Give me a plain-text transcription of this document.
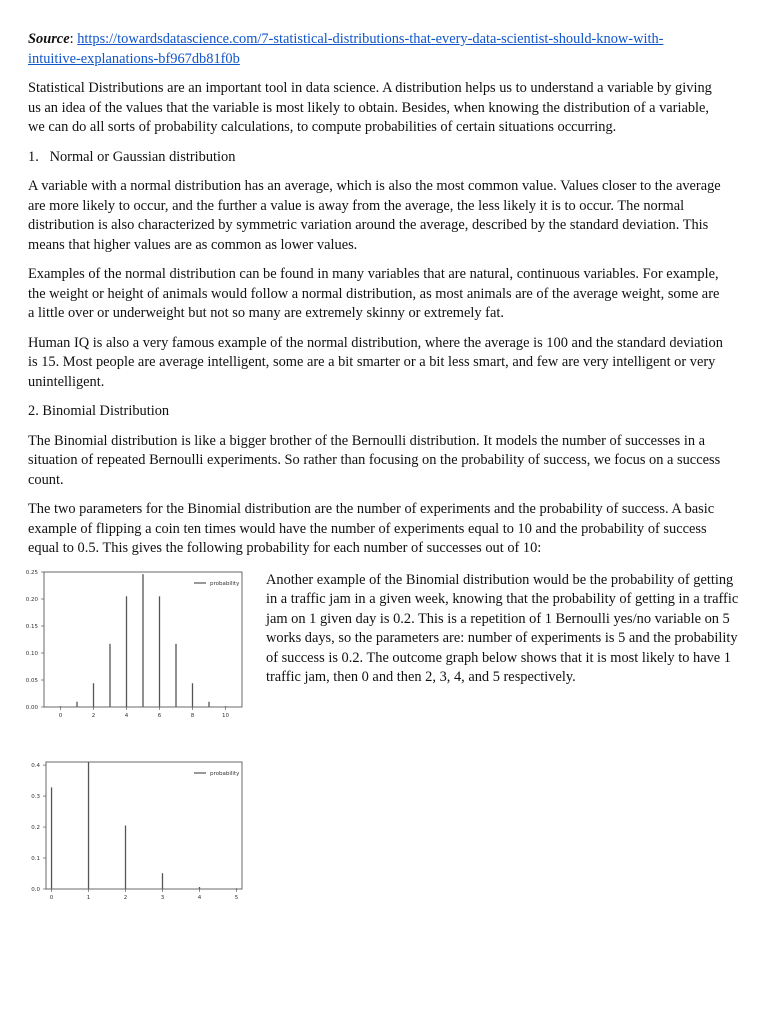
Source: https://towardsdatascience.com/7-statistical-distributions-that-every-data-scientist-should-know-with-
intuitive-explanations-bf967db81f0b

Statistical Distributions are an important tool in data science. A distribution helps us to understand a variable by giving us an idea of the values that the variable is most likely to obtain. Besides, when knowing the distribution of a variable, we can do all sorts of probability calculations, to compute probabilities of certain situations occurring.

1. Normal or Gaussian distribution

A variable with a normal distribution has an average, which is also the most common value. Values closer to the average are more likely to occur, and the further a value is away from the average, the less likely it is to occur. The normal distribution is also characterized by symmetric variation around the average, described by the standard deviation. This means that higher values are as common as lower values.

Examples of the normal distribution can be found in many variables that are natural, continuous variables. For example, the weight or height of animals would follow a normal distribution, as most animals are of the average weight, some are a little over or underweight but not so many are extremely skinny or extremely fat.

Human IQ is also a very famous example of the normal distribution, where the average is 100 and the standard deviation is 15. Most people are average intelligent, some are a bit smarter or a bit less smart, and few are very intelligent or very unintelligent.

2. Binomial Distribution

The Binomial distribution is like a bigger brother of the Bernoulli distribution. It models the number of successes in a situation of repeated Bernoulli experiments. So rather than focusing on the probability of success, we focus on a success count.

The two parameters for the Binomial distribution are the number of experiments and the probability of success. A basic example of flipping a coin ten times would have the number of experiments equal to 10 and the probability of success equal to 0.5. This gives the following probability for each number of successes out of 10:

Another example of the Binomial distribution would be the probability of getting in a traffic jam in a given week, knowing that the probability of getting in a traffic jam on 1 given day is 0.2. This is a repetition of 1 Bernoulli yes/no variable on 5 works days, so the parameters are: number of experiments is 5 and the probability of success is 0.2. The outcome graph below shows that it is most likely to have 1 traffic jam, then 0 and then 2, 3, 4, and 5 respectively.

0.00
0.05
0.10
0.15
0.20
0.25
0	2	4	6	8	10
probability
0.0
0.1
0.2
0.3
0.4
0	1	2	3	4	5
probability
